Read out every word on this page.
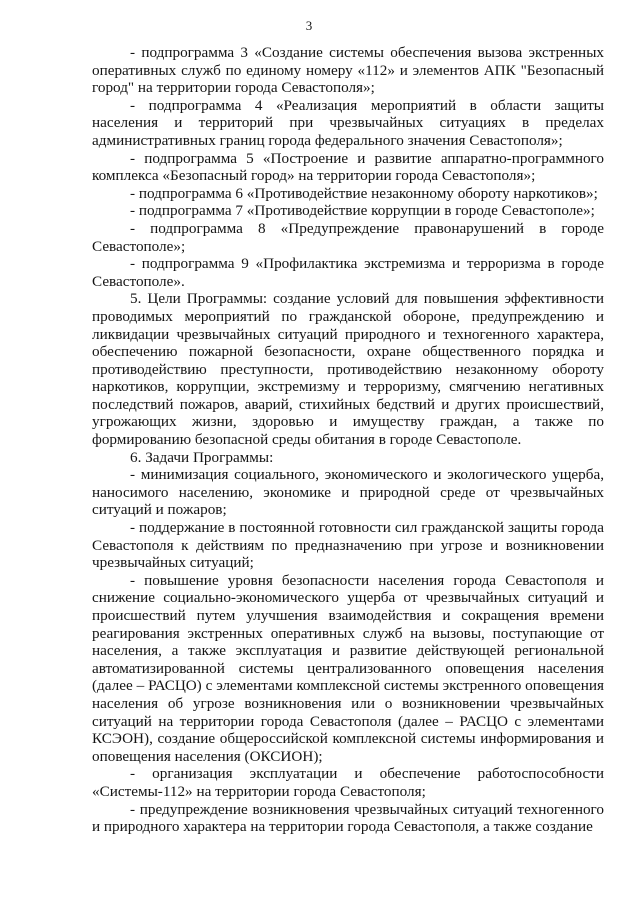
3

- подпрограмма 3 «Создание системы обеспечения вызова экстренных оперативных служб по единому номеру «112» и элементов АПК "Безопасный город" на территории города Севастополя»;

- подпрограмма 4 «Реализация мероприятий в области защиты населения и территорий при чрезвычайных ситуациях в пределах административных границ города федерального значения Севастополя»;

- подпрограмма 5 «Построение и развитие аппаратно-программного комплекса «Безопасный город» на территории города Севастополя»;

- подпрограмма 6 «Противодействие незаконному обороту наркотиков»;

- подпрограмма 7 «Противодействие коррупции в городе Севастополе»;

- подпрограмма 8 «Предупреждение правонарушений в городе Севастополе»;

- подпрограмма 9 «Профилактика экстремизма и терроризма в городе Севастополе».

5. Цели Программы: создание условий для повышения эффективности проводимых мероприятий по гражданской обороне, предупреждению и ликвидации чрезвычайных ситуаций природного и техногенного характера, обеспечению пожарной безопасности, охране общественного порядка и противодействию преступности, противодействию незаконному обороту наркотиков, коррупции, экстремизму и терроризму, смягчению негативных последствий пожаров, аварий, стихийных бедствий и других происшествий, угрожающих жизни, здоровью и имуществу граждан, а также по формированию безопасной среды обитания в городе Севастополе.

6. Задачи Программы:

- минимизация социального, экономического и экологического ущерба, наносимого населению, экономике и природной среде от чрезвычайных ситуаций и пожаров;

- поддержание в постоянной готовности сил гражданской защиты города Севастополя к действиям по предназначению при угрозе и возникновении чрезвычайных ситуаций;

- повышение уровня безопасности населения города Севастополя и снижение социально-экономического ущерба от чрезвычайных ситуаций и происшествий путем улучшения взаимодействия и сокращения времени реагирования экстренных оперативных служб на вызовы, поступающие от населения, а также эксплуатация и развитие действующей региональной автоматизированной системы централизованного оповещения населения (далее – РАСЦО) с элементами комплексной системы экстренного оповещения населения об угрозе возникновения или о возникновении чрезвычайных ситуаций на территории города Севастополя (далее – РАСЦО с элементами КСЭОН), создание общероссийской комплексной системы информирования и оповещения населения (ОКСИОН);

- организация эксплуатации и обеспечение работоспособности «Системы-112» на территории города Севастополя;

- предупреждение возникновения чрезвычайных ситуаций техногенного и природного характера на территории города Севастополя, а также создание
